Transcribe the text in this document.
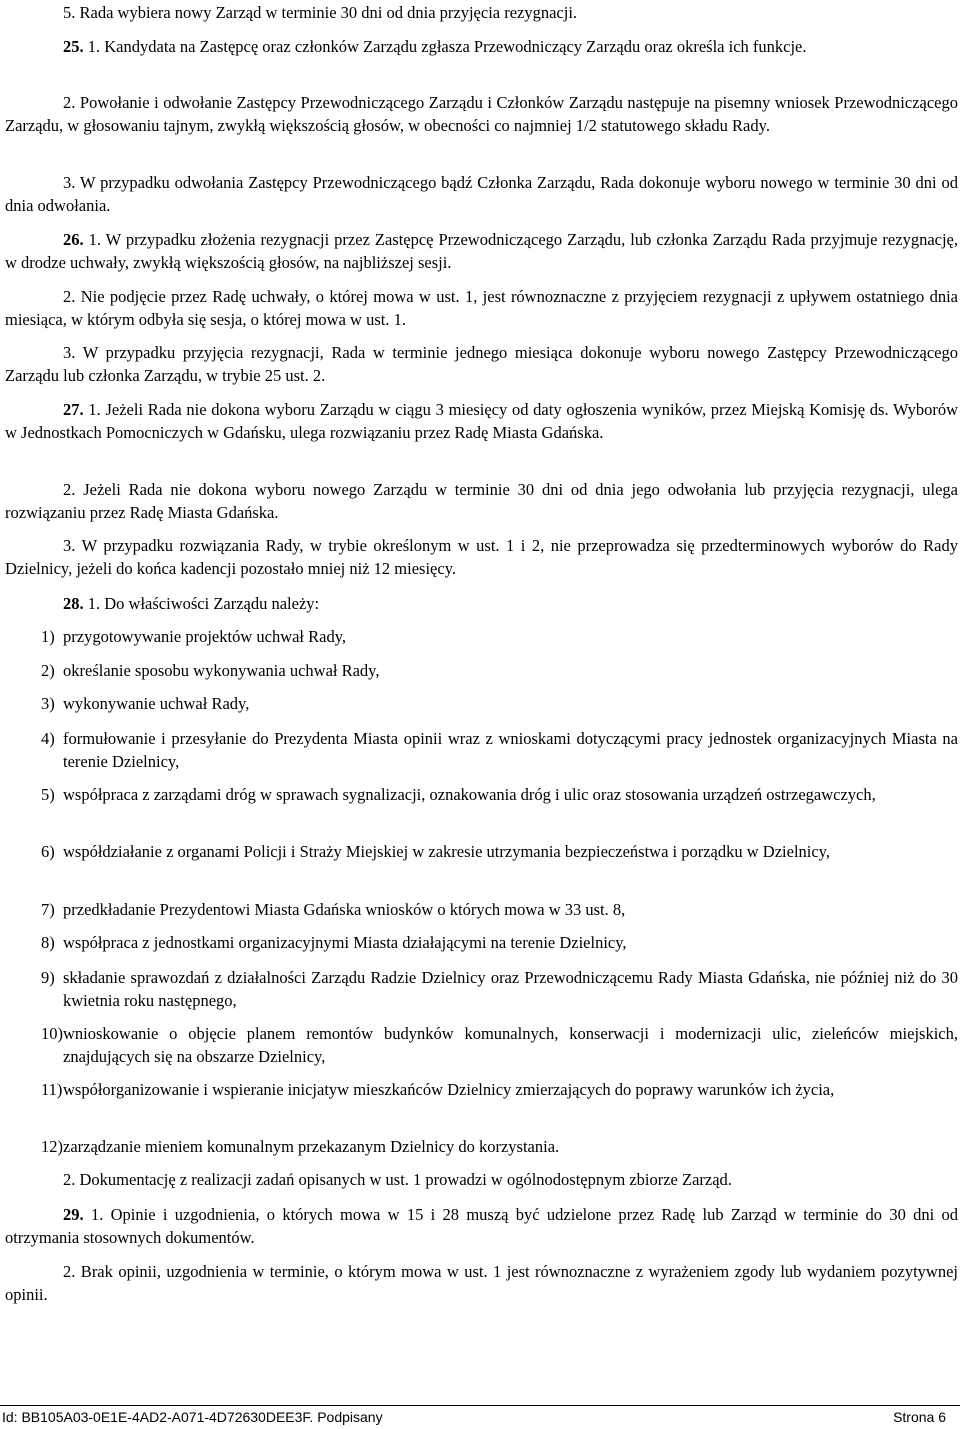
5. Rada wybiera nowy Zarząd w terminie 30 dni od dnia przyjęcia rezygnacji.

25. 1. Kandydata na Zastępcę oraz członków Zarządu zgłasza Przewodniczący Zarządu oraz określa ich funkcje.

2. Powołanie i odwołanie Zastępcy Przewodniczącego Zarządu i Członków Zarządu następuje na pisemny wniosek Przewodniczącego Zarządu, w głosowaniu tajnym, zwykłą większością głosów, w obecności co najmniej 1/2 statutowego składu Rady.

3. W przypadku odwołania Zastępcy Przewodniczącego bądź Członka Zarządu, Rada dokonuje wyboru nowego w terminie 30 dni od dnia odwołania.

26. 1. W przypadku złożenia rezygnacji przez Zastępcę Przewodniczącego Zarządu, lub członka Zarządu Rada przyjmuje rezygnację, w drodze uchwały, zwykłą większością głosów, na najbliższej sesji.

2. Nie podjęcie przez Radę uchwały, o której mowa w ust. 1, jest równoznaczne z przyjęciem rezygnacji z upływem ostatniego dnia miesiąca, w którym odbyła się sesja, o której mowa w ust. 1.

3. W przypadku przyjęcia rezygnacji, Rada w terminie jednego miesiąca dokonuje wyboru nowego Zastępcy Przewodniczącego Zarządu lub członka Zarządu, w trybie 25 ust. 2.

27. 1. Jeżeli Rada nie dokona wyboru Zarządu w ciągu 3 miesięcy od daty ogłoszenia wyników, przez Miejską Komisję ds. Wyborów w Jednostkach Pomocniczych w Gdańsku, ulega rozwiązaniu przez Radę Miasta Gdańska.

2. Jeżeli Rada nie dokona wyboru nowego Zarządu w terminie 30 dni od dnia jego odwołania lub przyjęcia rezygnacji, ulega rozwiązaniu przez Radę Miasta Gdańska.

3. W przypadku rozwiązania Rady, w trybie określonym w ust. 1 i 2, nie przeprowadza się przedterminowych wyborów do Rady Dzielnicy, jeżeli do końca kadencji pozostało mniej niż 12 miesięcy.

28. 1. Do właściwości Zarządu należy:

1) przygotowywanie projektów uchwał Rady,

2) określanie sposobu wykonywania uchwał Rady,

3) wykonywanie uchwał Rady,

4) formułowanie i przesyłanie do Prezydenta Miasta opinii wraz z wnioskami dotyczącymi pracy jednostek organizacyjnych Miasta na terenie Dzielnicy,

5) współpraca z zarządami dróg w sprawach sygnalizacji, oznakowania dróg i ulic oraz stosowania urządzeń ostrzegawczych,

6) współdziałanie z organami Policji i Straży Miejskiej w zakresie utrzymania bezpieczeństwa i porządku w Dzielnicy,

7) przedkładanie Prezydentowi Miasta Gdańska wniosków o których mowa w 33 ust. 8,

8) współpraca z jednostkami organizacyjnymi Miasta działającymi na terenie Dzielnicy,

9) składanie sprawozdań z działalności Zarządu Radzie Dzielnicy oraz Przewodniczącemu Rady Miasta Gdańska, nie później niż do 30 kwietnia roku następnego,

10) wnioskowanie o objęcie planem remontów budynków komunalnych, konserwacji i modernizacji ulic, zieleńców miejskich, znajdujących się na obszarze Dzielnicy,

11) współorganizowanie i wspieranie inicjatyw mieszkańców Dzielnicy zmierzających do poprawy warunków ich życia,

12) zarządzanie mieniem komunalnym przekazanym Dzielnicy do korzystania.

2. Dokumentację z realizacji zadań opisanych w ust. 1 prowadzi w ogólnodostępnym zbiorze Zarząd.

29. 1. Opinie i uzgodnienia, o których mowa w 15 i 28 muszą być udzielone przez Radę lub Zarząd w terminie do 30 dni od otrzymania stosownych dokumentów.

2. Brak opinii, uzgodnienia w terminie, o którym mowa w ust. 1 jest równoznaczne z wyrażeniem zgody lub wydaniem pozytywnej opinii.

Id: BB105A03-0E1E-4AD2-A071-4D72630DEE3F. Podpisany	Strona 6
